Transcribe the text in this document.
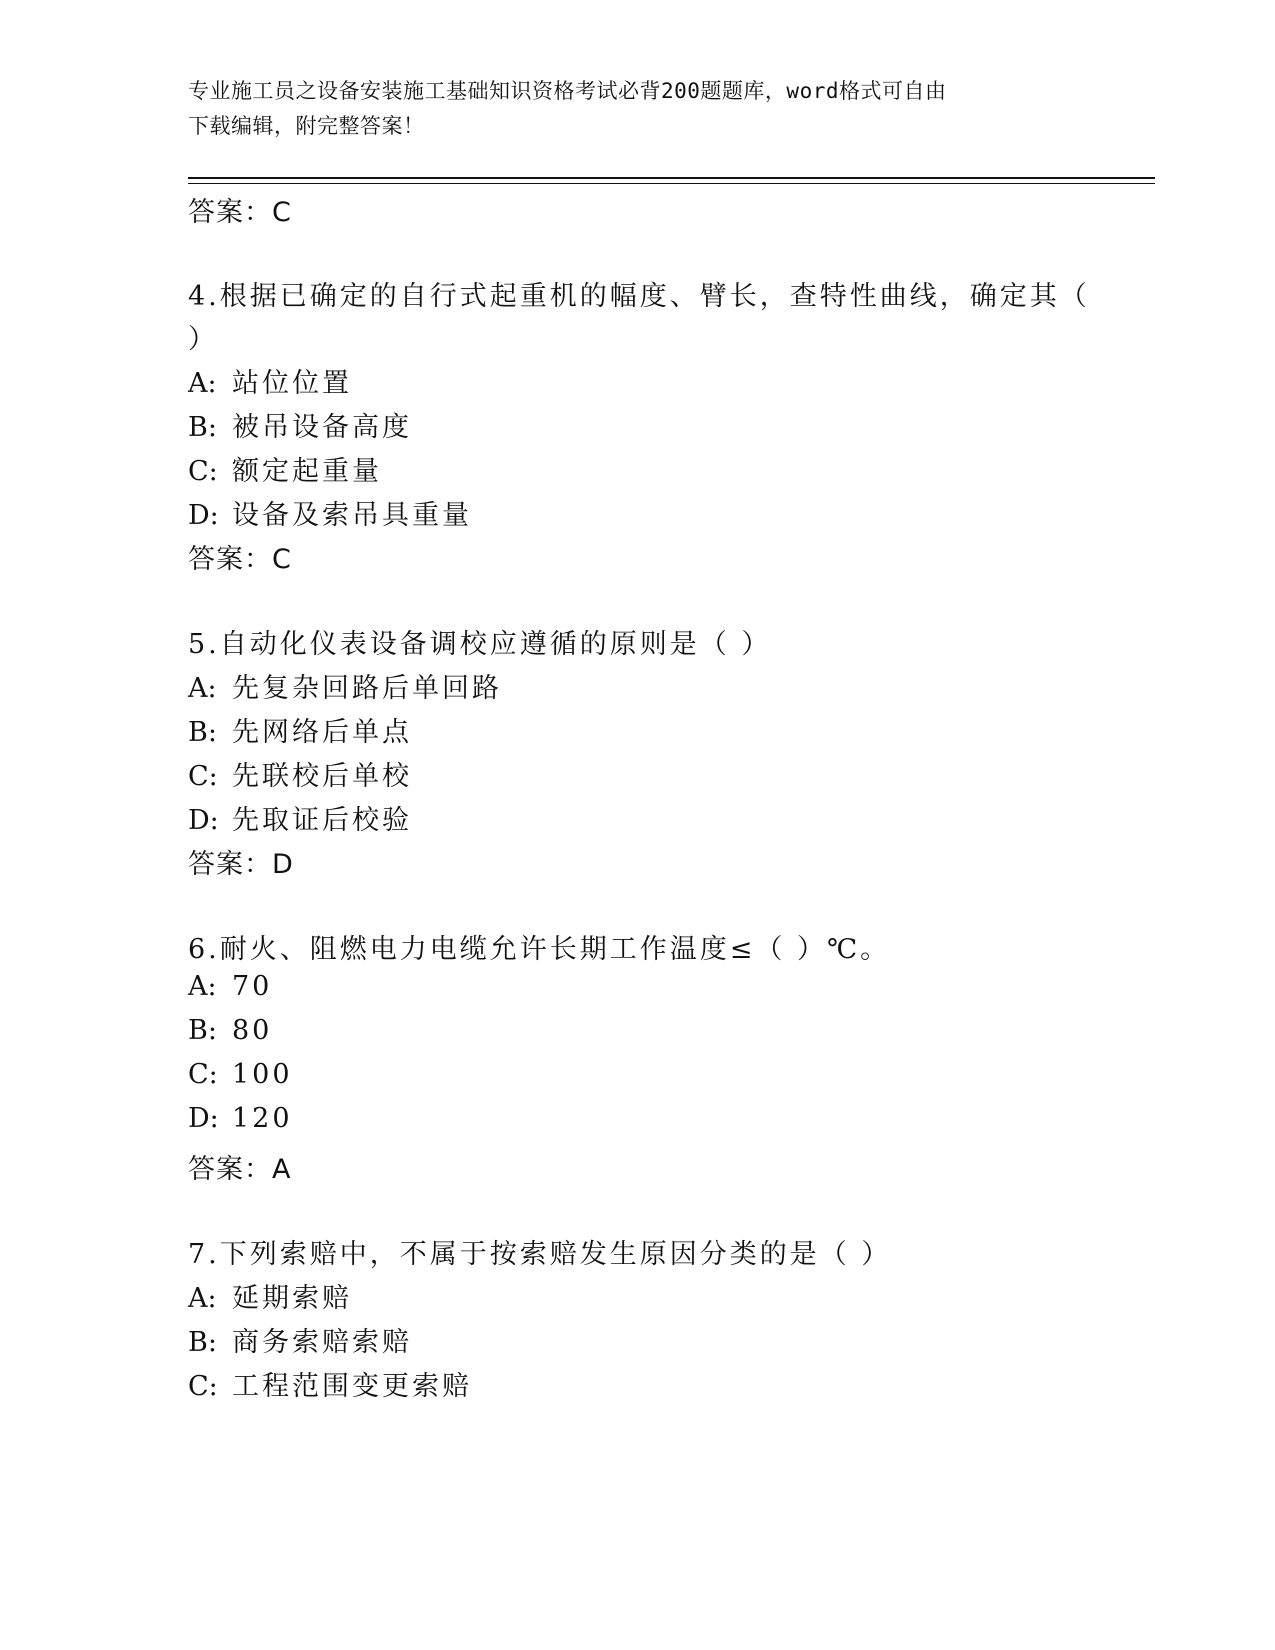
专业施工员之设备安装施工基础知识资格考试必背200题题库，word格式可自由
下载编辑，附完整答案！
答案：C
4.根据已确定的自行式起重机的幅度、臂长，查特性曲线，确定其（
）
A: 站位位置
B: 被吊设备高度
C: 额定起重量
D: 设备及索吊具重量
答案：C
5.自动化仪表设备调校应遵循的原则是（ ）
A: 先复杂回路后单回路
B: 先网络后单点
C: 先联校后单校
D: 先取证后校验
答案：D
6.耐火、阻燃电力电缆允许长期工作温度≤（ ）℃。
A: 70
B: 80
C: 100
D: 120
答案：A
7.下列索赔中，不属于按索赔发生原因分类的是（ ）
A: 延期索赔
B: 商务索赔索赔
C: 工程范围变更索赔
